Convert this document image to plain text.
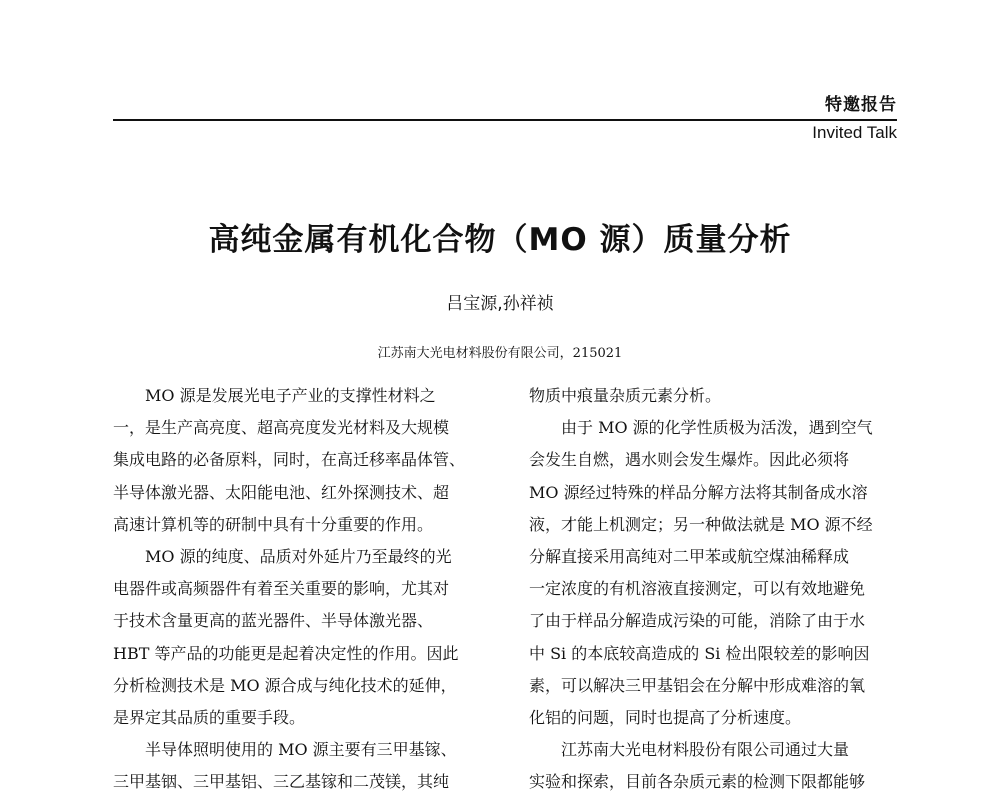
特邀报告
Invited Talk
高纯金属有机化合物（MO 源）质量分析
吕宝源,孙祥祯
江苏南大光电材料股份有限公司，215021

MO 源是发展光电子产业的支撑性材料之

一，是生产高亮度、超高亮度发光材料及大规模

集成电路的必备原料，同时，在高迁移率晶体管、

半导体激光器、太阳能电池、红外探测技术、超

高速计算机等的研制中具有十分重要的作用。

MO 源的纯度、品质对外延片乃至最终的光

电器件或高频器件有着至关重要的影响，尤其对

于技术含量更高的蓝光器件、半导体激光器、

HBT 等产品的功能更是起着决定性的作用。因此

分析检测技术是 MO 源合成与纯化技术的延伸，

是界定其品质的重要手段。

半导体照明使用的 MO 源主要有三甲基镓、

三甲基铟、三甲基铝、三乙基镓和二茂镁，其纯

物质中痕量杂质元素分析。

由于 MO 源的化学性质极为活泼，遇到空气

会发生自燃，遇水则会发生爆炸。因此必须将

MO 源经过特殊的样品分解方法将其制备成水溶

液，才能上机测定；另一种做法就是 MO 源不经

分解直接采用高纯对二甲苯或航空煤油稀释成

一定浓度的有机溶液直接测定，可以有效地避免

了由于样品分解造成污染的可能，消除了由于水

中 Si 的本底较高造成的 Si 检出限较差的影响因

素，可以解决三甲基铝会在分解中形成难溶的氧

化铝的问题，同时也提高了分析速度。

江苏南大光电材料股份有限公司通过大量

实验和探索，目前各杂质元素的检测下限都能够
